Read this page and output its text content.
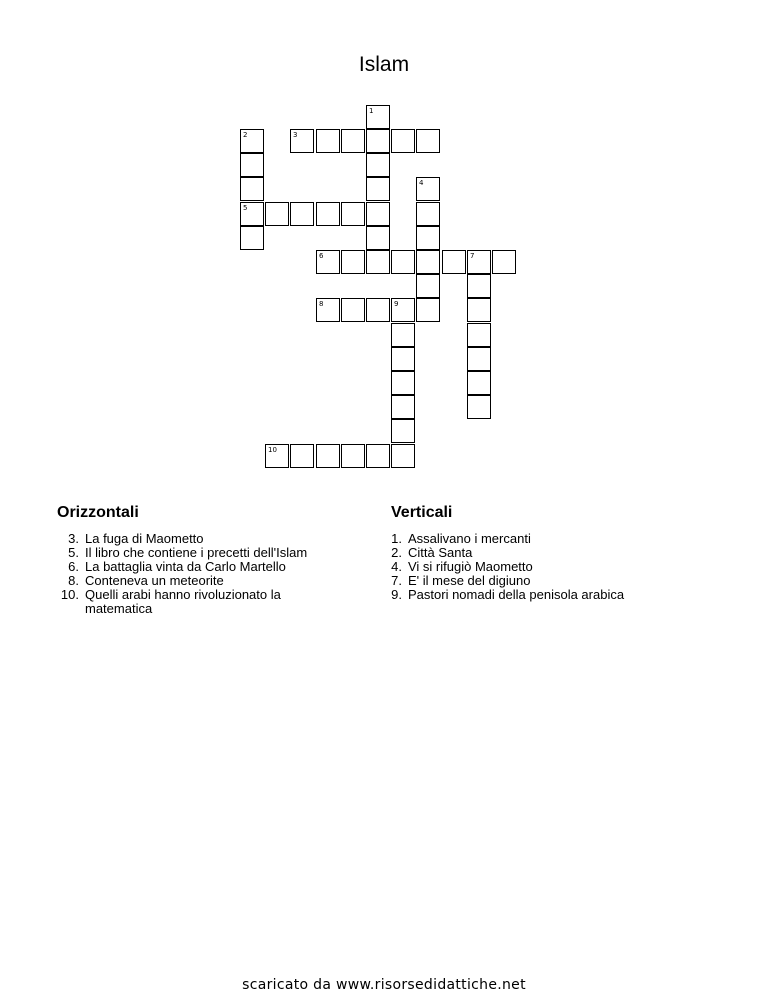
Islam
1
2
5
3
4
6	7
8	9
10
Orizzontali
3. La fuga di Maometto
5. Il libro che contiene i precetti dell'Islam
6. La battaglia vinta da Carlo Martello
8. Conteneva un meteorite
10. Quelli arabi hanno rivoluzionato la matematica
Verticali
1. Assalivano i mercanti
2. Città Santa
4. Vi si rifugiò Maometto
7. E' il mese del digiuno
9. Pastori nomadi della penisola arabica
scaricato da www.risorsedidattiche.net
